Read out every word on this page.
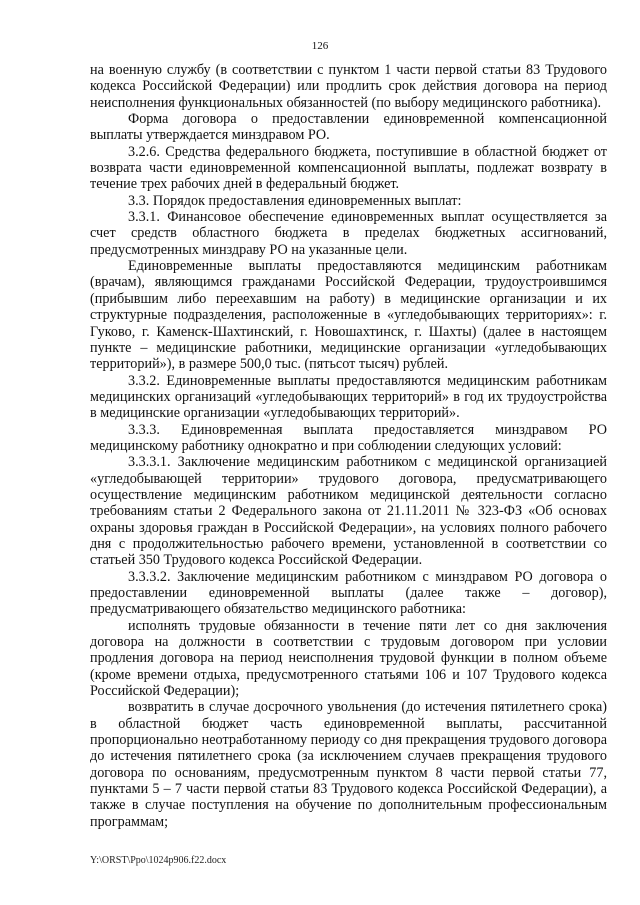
126

на военную службу (в соответствии с пунктом 1 части первой статьи 83 Трудового кодекса Российской Федерации) или продлить срок действия договора на период неисполнения функциональных обязанностей (по выбору медицинского работника).

Форма договора о предоставлении единовременной компенсационной выплаты утверждается минздравом РО.

3.2.6. Средства федерального бюджета, поступившие в областной бюджет от возврата части единовременной компенсационной выплаты, подлежат возврату в течение трех рабочих дней в федеральный бюджет.

3.3. Порядок предоставления единовременных выплат:

3.3.1. Финансовое обеспечение единовременных выплат осуществляется за счет средств областного бюджета в пределах бюджетных ассигнований, предусмотренных минздраву РО на указанные цели.

Единовременные выплаты предоставляются медицинским работникам (врачам), являющимся гражданами Российской Федерации, трудоустроившимся (прибывшим либо переехавшим на работу) в медицинские организации и их структурные подразделения, расположенные в «угледобывающих территориях»: г. Гуково, г. Каменск-Шахтинский, г. Новошахтинск, г. Шахты) (далее в настоящем пункте – медицинские работники, медицинские организации «угледобывающих территорий»), в размере 500,0 тыс. (пятьсот тысяч) рублей.

3.3.2. Единовременные выплаты предоставляются медицинским работникам медицинских организаций «угледобывающих территорий» в год их трудоустройства в медицинские организации «угледобывающих территорий».

3.3.3. Единовременная выплата предоставляется минздравом РО медицинскому работнику однократно и при соблюдении следующих условий:

3.3.3.1. Заключение медицинским работником с медицинской организацией «угледобывающей территории» трудового договора, предусматривающего осуществление медицинским работником медицинской деятельности согласно требованиям статьи 2 Федерального закона от 21.11.2011 № 323-ФЗ «Об основах охраны здоровья граждан в Российской Федерации», на условиях полного рабочего дня с продолжительностью рабочего времени, установленной в соответствии со статьей 350 Трудового кодекса Российской Федерации.

3.3.3.2. Заключение медицинским работником с минздравом РО договора о предоставлении единовременной выплаты (далее также – договор), предусматривающего обязательство медицинского работника:

исполнять трудовые обязанности в течение пяти лет со дня заключения договора на должности в соответствии с трудовым договором при условии продления договора на период неисполнения трудовой функции в полном объеме (кроме времени отдыха, предусмотренного статьями 106 и 107 Трудового кодекса Российской Федерации);

возвратить в случае досрочного увольнения (до истечения пятилетнего срока) в областной бюджет часть единовременной выплаты, рассчитанной пропорционально неотработанному периоду со дня прекращения трудового договора до истечения пятилетнего срока (за исключением случаев прекращения трудового договора по основаниям, предусмотренным пунктом 8 части первой статьи 77, пунктами 5 – 7 части первой статьи 83 Трудового кодекса Российской Федерации), а также в случае поступления на обучение по дополнительным профессиональным программам;

Y:\ORST\Ppo\1024p906.f22.docx
